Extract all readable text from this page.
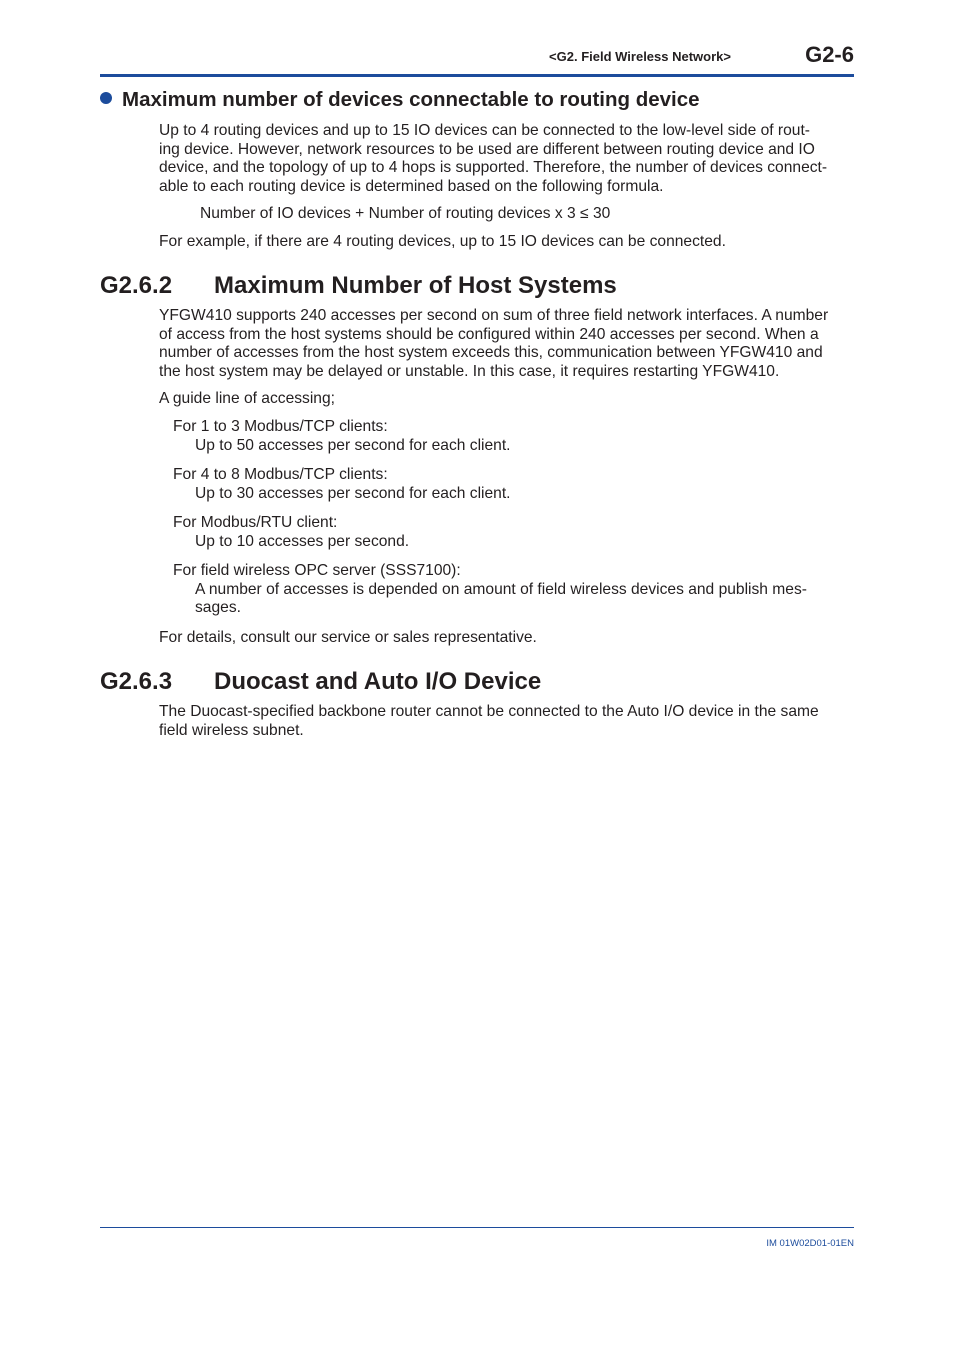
<G2. Field Wireless Network>	G2-6
Maximum number of devices connectable to routing device

Up to 4 routing devices and up to 15 IO devices can be connected to the low-level side of rout-
ing device. However, network resources to be used are different between routing device and IO
device, and the topology of up to 4 hops is supported. Therefore, the number of devices connect-
able to each routing device is determined based on the following formula.

Number of IO devices + Number of routing devices x 3 ≤ 30

For example, if there are 4 routing devices, up to 15 IO devices can be connected.

G2.6.2 Maximum Number of Host Systems

YFGW410 supports 240 accesses per second on sum of three field network interfaces. A number
of access from the host systems should be configured within 240 accesses per second. When a
number of accesses from the host system exceeds this, communication between YFGW410 and
the host system may be delayed or unstable. In this case, it requires restarting YFGW410.

A guide line of accessing;

For 1 to 3 Modbus/TCP clients:
Up to 50 accesses per second for each client.
For 4 to 8 Modbus/TCP clients:
Up to 30 accesses per second for each client.
For Modbus/RTU client:
Up to 10 accesses per second.
For field wireless OPC server (SSS7100):
A number of accesses is depended on amount of field wireless devices and publish mes-
sages.

For details, consult our service or sales representative.

G2.6.3 Duocast and Auto I/O Device

The Duocast-specified backbone router cannot be connected to the Auto I/O device in the same
field wireless subnet.

IM 01W02D01-01EN
